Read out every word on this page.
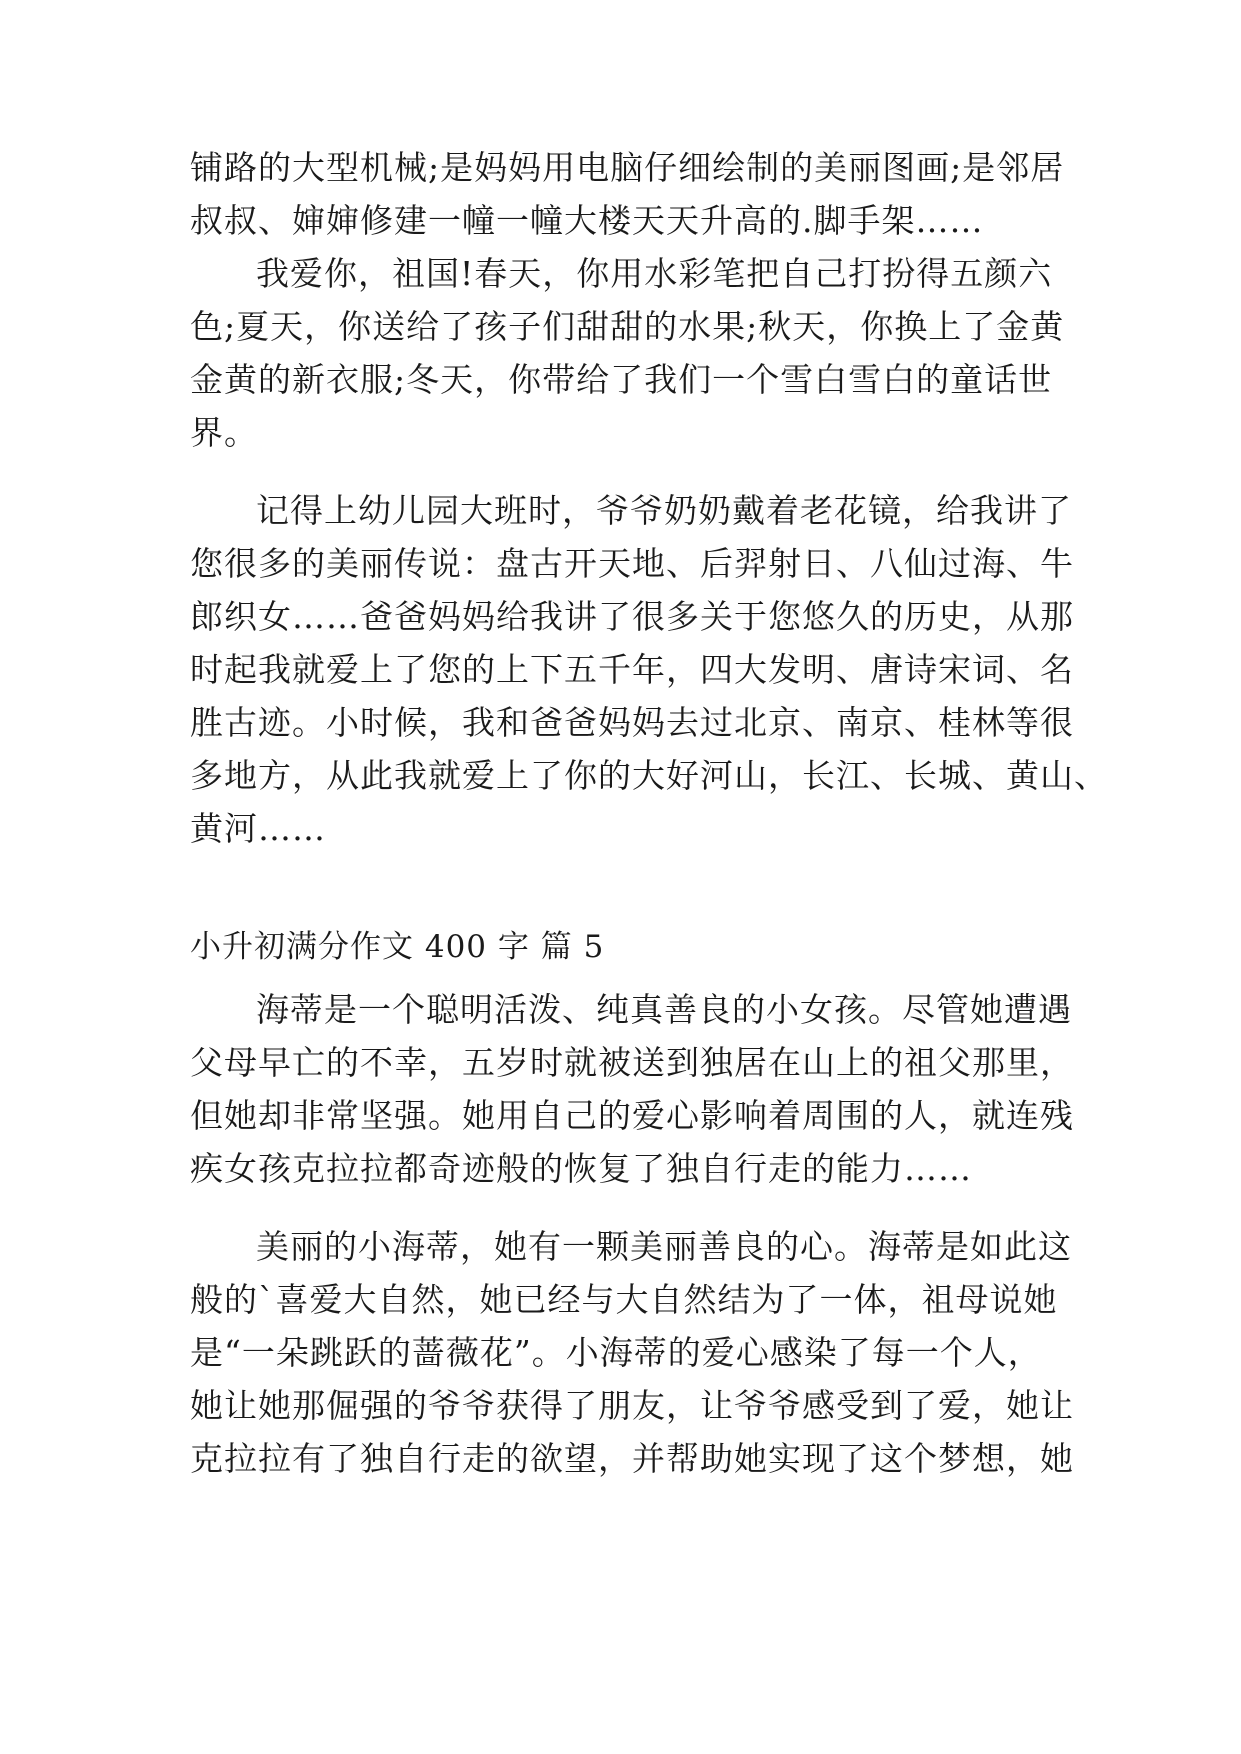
铺路的大型机械;是妈妈用电脑仔细绘制的美丽图画;是邻居
叔叔、婶婶修建一幢一幢大楼天天升高的.脚手架……
我爱你，祖国!春天，你用水彩笔把自己打扮得五颜六
色;夏天，你送给了孩子们甜甜的水果;秋天，你换上了金黄
金黄的新衣服;冬天，你带给了我们一个雪白雪白的童话世
界。
记得上幼儿园大班时，爷爷奶奶戴着老花镜，给我讲了
您很多的美丽传说：盘古开天地、后羿射日、八仙过海、牛
郎织女……爸爸妈妈给我讲了很多关于您悠久的历史，从那
时起我就爱上了您的上下五千年，四大发明、唐诗宋词、名
胜古迹。小时候，我和爸爸妈妈去过北京、南京、桂林等很
多地方，从此我就爱上了你的大好河山，长江、长城、黄山、
黄河……
小升初满分作文 400 字 篇 5
海蒂是一个聪明活泼、纯真善良的小女孩。尽管她遭遇
父母早亡的不幸，五岁时就被送到独居在山上的祖父那里，
但她却非常坚强。她用自己的爱心影响着周围的人，就连残
疾女孩克拉拉都奇迹般的恢复了独自行走的能力……
美丽的小海蒂，她有一颗美丽善良的心。海蒂是如此这
般的`喜爱大自然，她已经与大自然结为了一体，祖母说她
是“一朵跳跃的蔷薇花”。小海蒂的爱心感染了每一个人，
她让她那倔强的爷爷获得了朋友，让爷爷感受到了爱，她让
克拉拉有了独自行走的欲望，并帮助她实现了这个梦想，她
